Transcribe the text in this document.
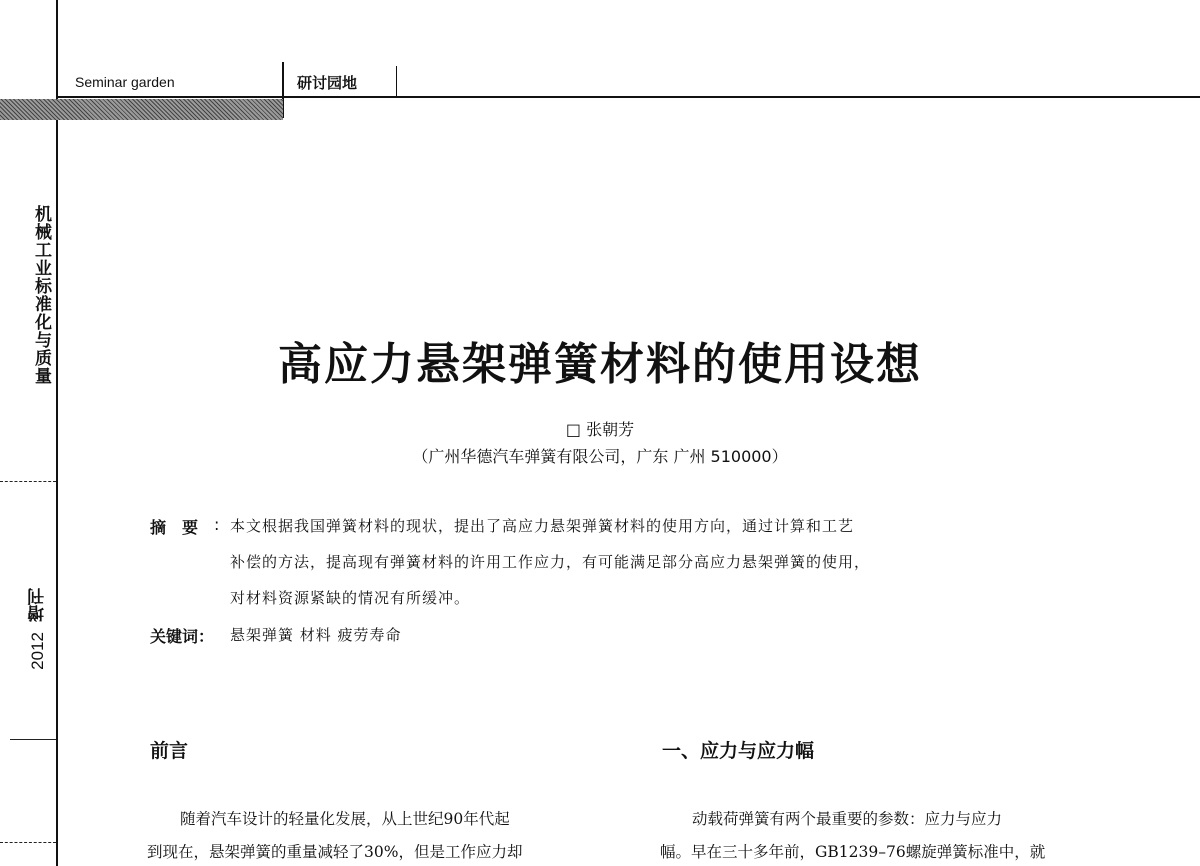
Seminar garden	研讨园地
机械工业标准化与质量
增刊
2012
高应力悬架弹簧材料的使用设想
□ 张朝芳
（广州华德汽车弹簧有限公司，广东 广州 510000）
摘　要 : 本文根据我国弹簧材料的现状，提出了高应力悬架弹簧材料的使用方向，通过计算和工艺
补偿的方法，提高现有弹簧材料的许用工作应力，有可能满足部分高应力悬架弹簧的使用，
对材料资源紧缺的情况有所缓冲。
关键词： 悬架弹簧 材料 疲劳寿命
前言
随着汽车设计的轻量化发展，从上世纪90年代起
到现在，悬架弹簧的重量减轻了30%，但是工作应力却
一、应力与应力幅
动载荷弹簧有两个最重要的参数：应力与应力
幅。早在三十多年前，GB1239–76螺旋弹簧标准中，就
